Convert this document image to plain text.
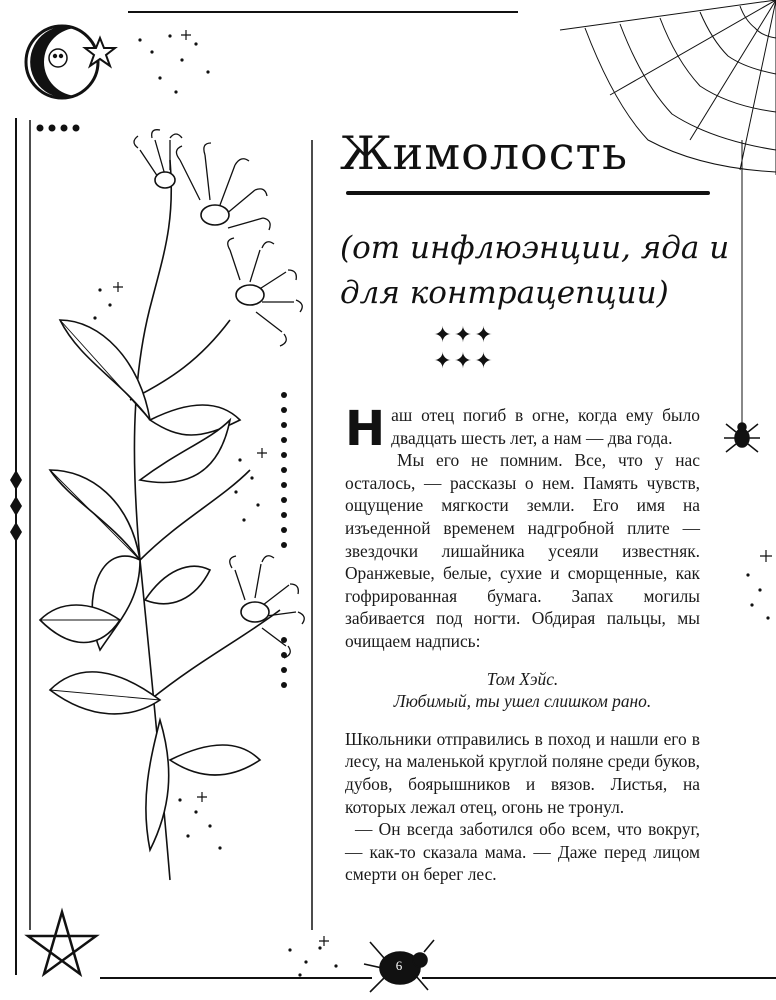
Жимолость
(от инфлюэнции, яда и для контрацепции)
✦✦✦ ✦✦✦

Наш отец погиб в огне, когда ему было двадцать шесть лет, а нам — два года.

Мы его не помним. Все, что у нас осталось, — рассказы о нем. Память чувств, ощущение мягкости земли. Его имя на изъеденной временем надгробной плите — звездочки лишайника усеяли известняк. Оранжевые, белые, сухие и сморщенные, как гофрированная бумага. Запах могилы забивается под ногти. Обдирая пальцы, мы очищаем надпись:

Том Хэйс.
Любимый, ты ушел слишком рано.

Школьники отправились в поход и нашли его в лесу, на маленькой круглой поляне среди буков, дубов, боярышников и вязов. Листья, на которых лежал отец, огонь не тронул.

— Он всегда заботился обо всем, что вокруг, — как-то сказала мама. — Даже перед лицом смерти он берег лес.

6
